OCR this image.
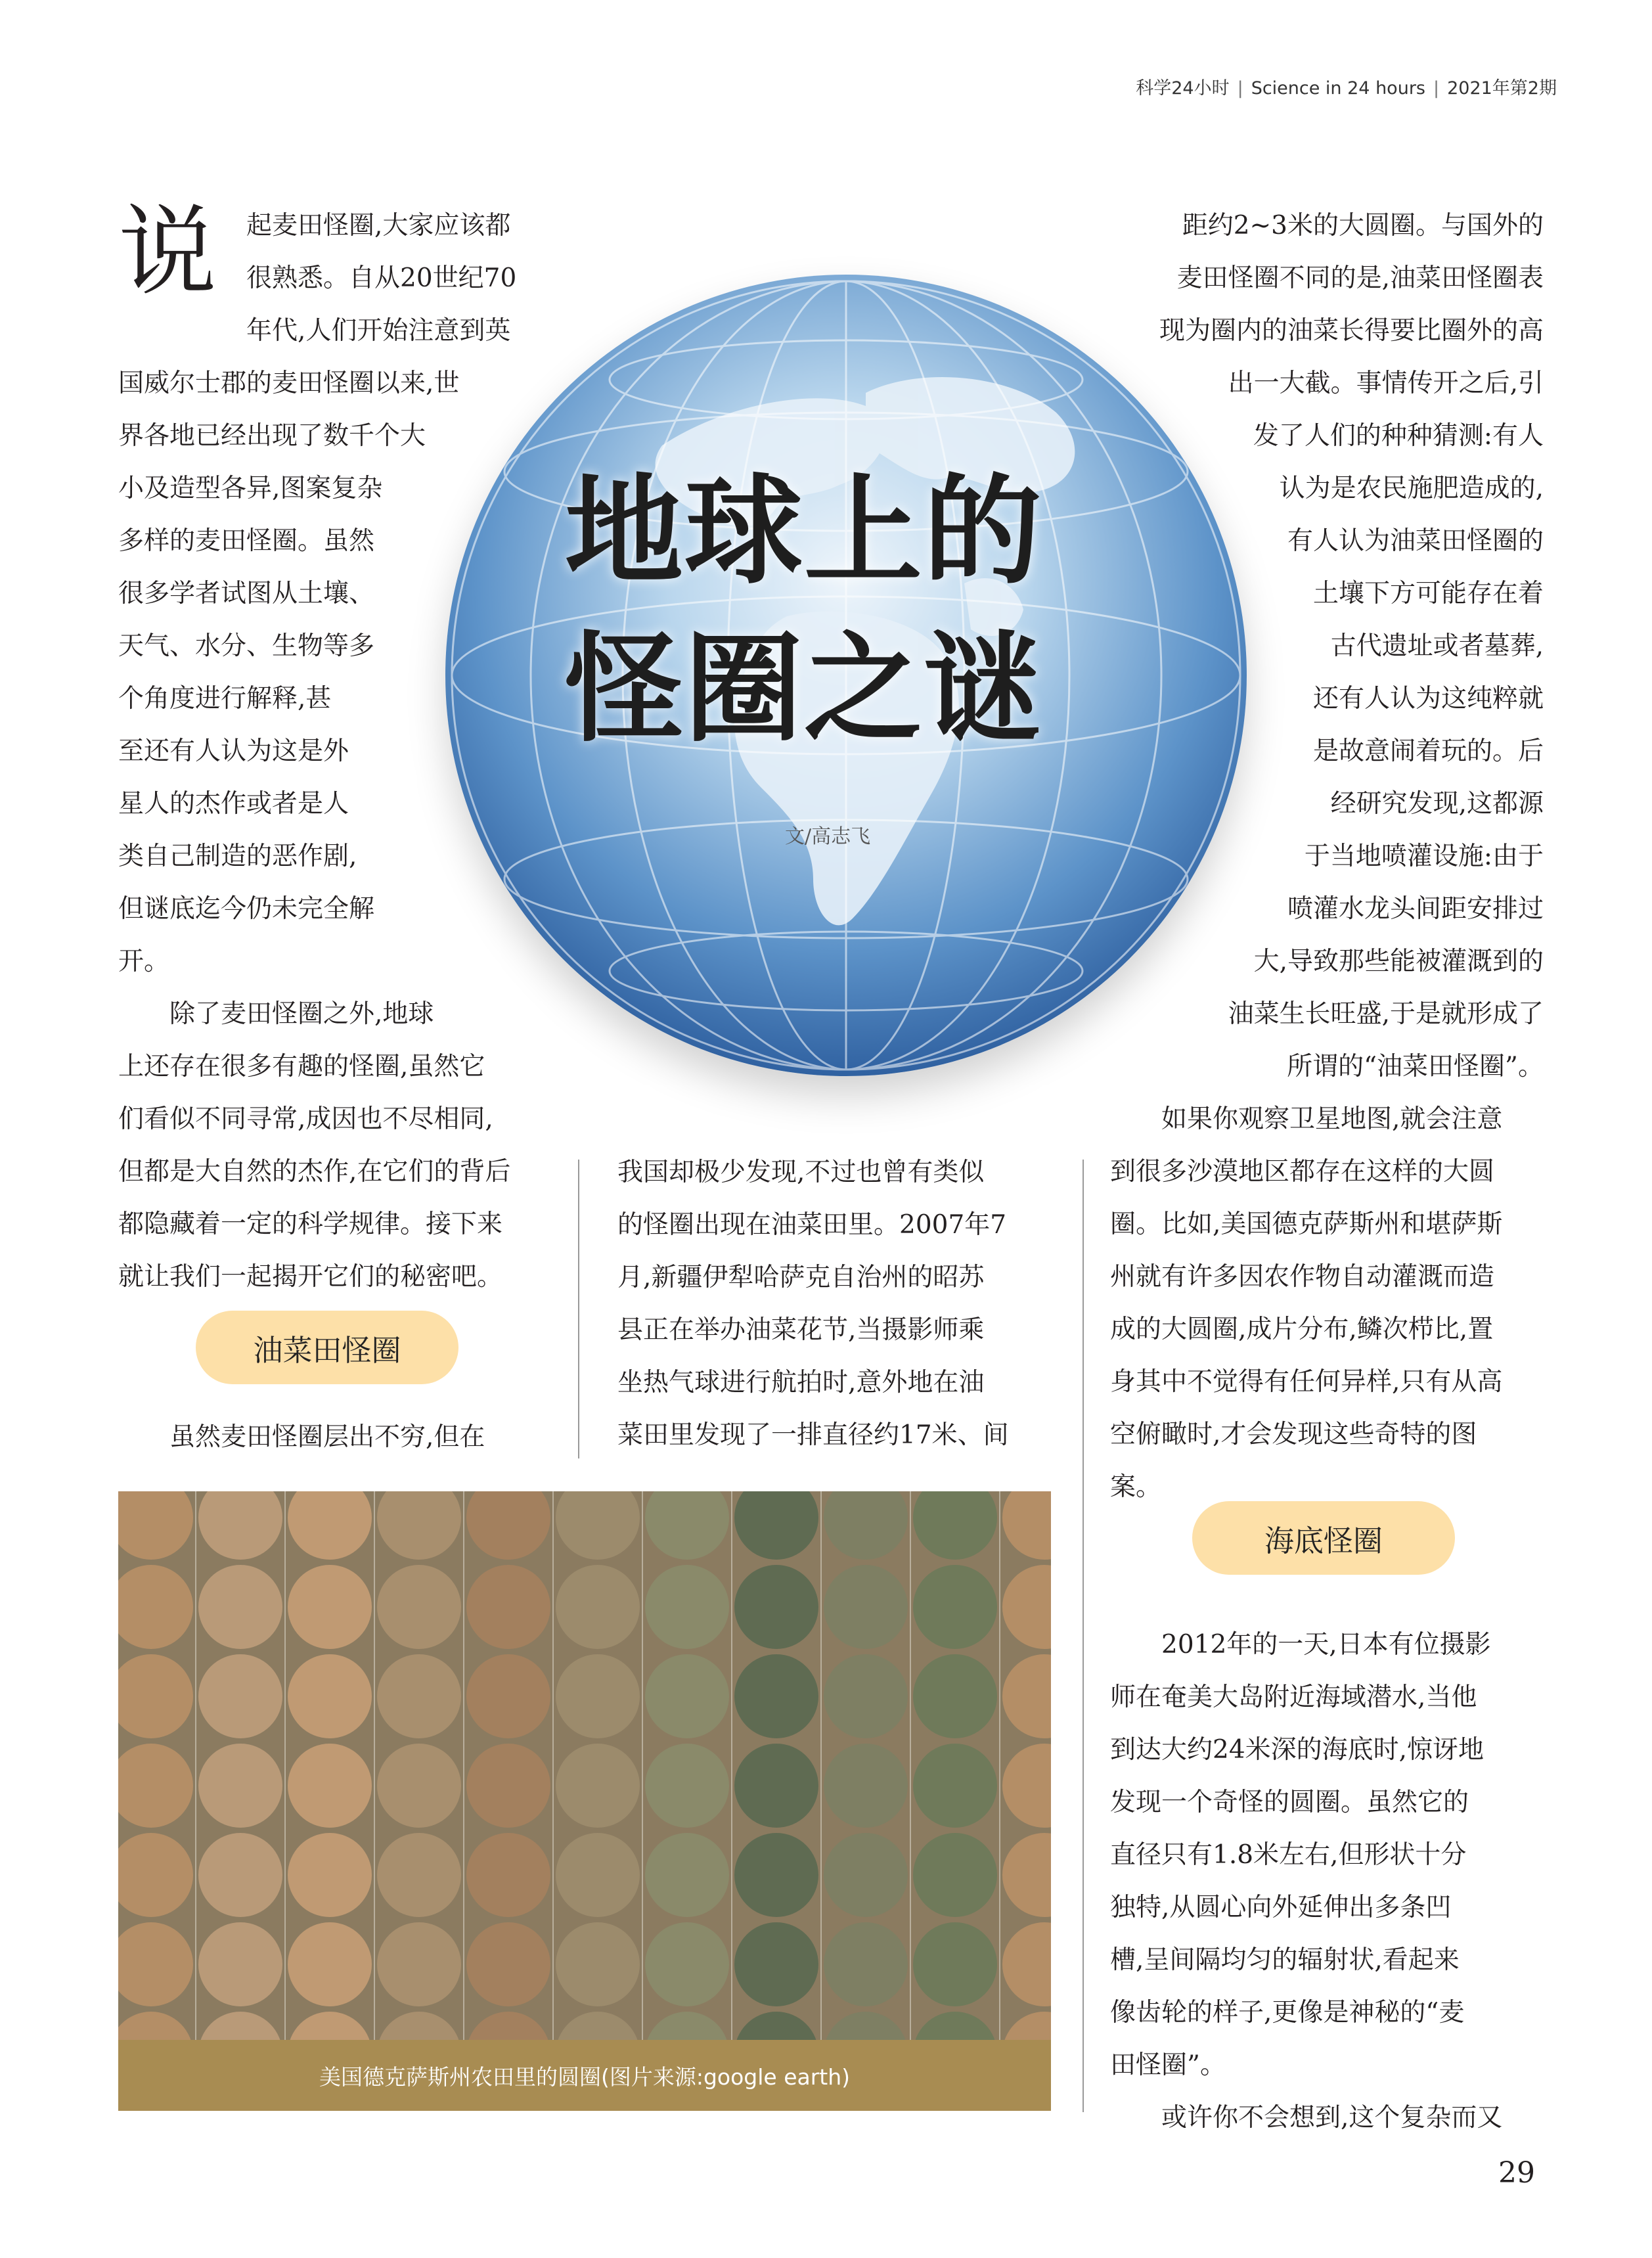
科学24小时 | Science in 24 hours | 2021年第2期
地球上的
怪圈之谜
文/高志飞
说	起麦田怪圈,大家应该都

很熟悉。自从20世纪70

年代,人们开始注意到英

国威尔士郡的麦田怪圈以来,世

界各地已经出现了数千个大

小及造型各异,图案复杂

多样的麦田怪圈。虽然

很多学者试图从土壤、

天气、水分、生物等多

个角度进行解释,甚

至还有人认为这是外

星人的杰作或者是人

类自己制造的恶作剧,

但谜底迄今仍未完全解

开。

除了麦田怪圈之外,地球

上还存在很多有趣的怪圈,虽然它

们看似不同寻常,成因也不尽相同,

但都是大自然的杰作,在它们的背后

都隐藏着一定的科学规律。接下来

就让我们一起揭开它们的秘密吧。

油菜田怪圈

虽然麦田怪圈层出不穷,但在

我国却极少发现,不过也曾有类似

的怪圈出现在油菜田里。2007年7

月,新疆伊犁哈萨克自治州的昭苏

县正在举办油菜花节,当摄影师乘

坐热气球进行航拍时,意外地在油

菜田里发现了一排直径约17米、间

距约2~3米的大圆圈。与国外的

麦田怪圈不同的是,油菜田怪圈表

现为圈内的油菜长得要比圈外的高

出一大截。事情传开之后,引

发了人们的种种猜测:有人

认为是农民施肥造成的,

有人认为油菜田怪圈的

土壤下方可能存在着

古代遗址或者墓葬,

还有人认为这纯粹就

是故意闹着玩的。后

经研究发现,这都源

于当地喷灌设施:由于

喷灌水龙头间距安排过

大,导致那些能被灌溉到的

油菜生长旺盛,于是就形成了

所谓的“油菜田怪圈”。

如果你观察卫星地图,就会注意

到很多沙漠地区都存在这样的大圆

圈。比如,美国德克萨斯州和堪萨斯

州就有许多因农作物自动灌溉而造

成的大圆圈,成片分布,鳞次栉比,置

身其中不觉得有任何异样,只有从高

空俯瞰时,才会发现这些奇特的图

案。

海底怪圈

2012年的一天,日本有位摄影

师在奄美大岛附近海域潜水,当他

到达大约24米深的海底时,惊讶地

发现一个奇怪的圆圈。虽然它的

直径只有1.8米左右,但形状十分

独特,从圆心向外延伸出多条凹

槽,呈间隔均匀的辐射状,看起来

像齿轮的样子,更像是神秘的“麦

田怪圈”。

或许你不会想到,这个复杂而又

美国德克萨斯州农田里的圆圈(图片来源:google earth)
29
